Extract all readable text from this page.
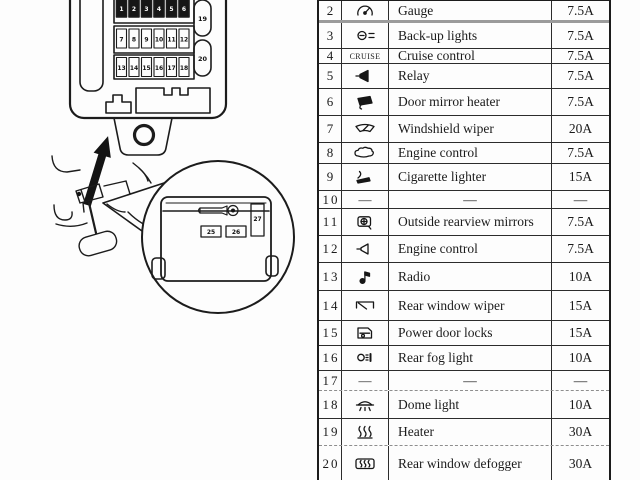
1 2 3 4 5 6
7 8 9 10 11 12
13 14 15 16 17 18
19
20
25	26
27
2	Gauge	7.5A
3	Back-up lights	7.5A
4	CRUISE	Cruise control	7.5A
5	Relay	7.5A
6	Door mirror heater	7.5A
7	Windshield wiper	20A
8	Engine control	7.5A
9	Cigarette lighter	15A
10 —	—	—
11	Outside rearview mirrors	7.5A
12	Engine control	7.5A
13	Radio	10A
14	Rear window wiper	15A
15	Power door locks	15A
16	Rear fog light	10A
17 —	—	—
18	Dome light	10A
19	Heater	30A
20	Rear window defogger	30A
